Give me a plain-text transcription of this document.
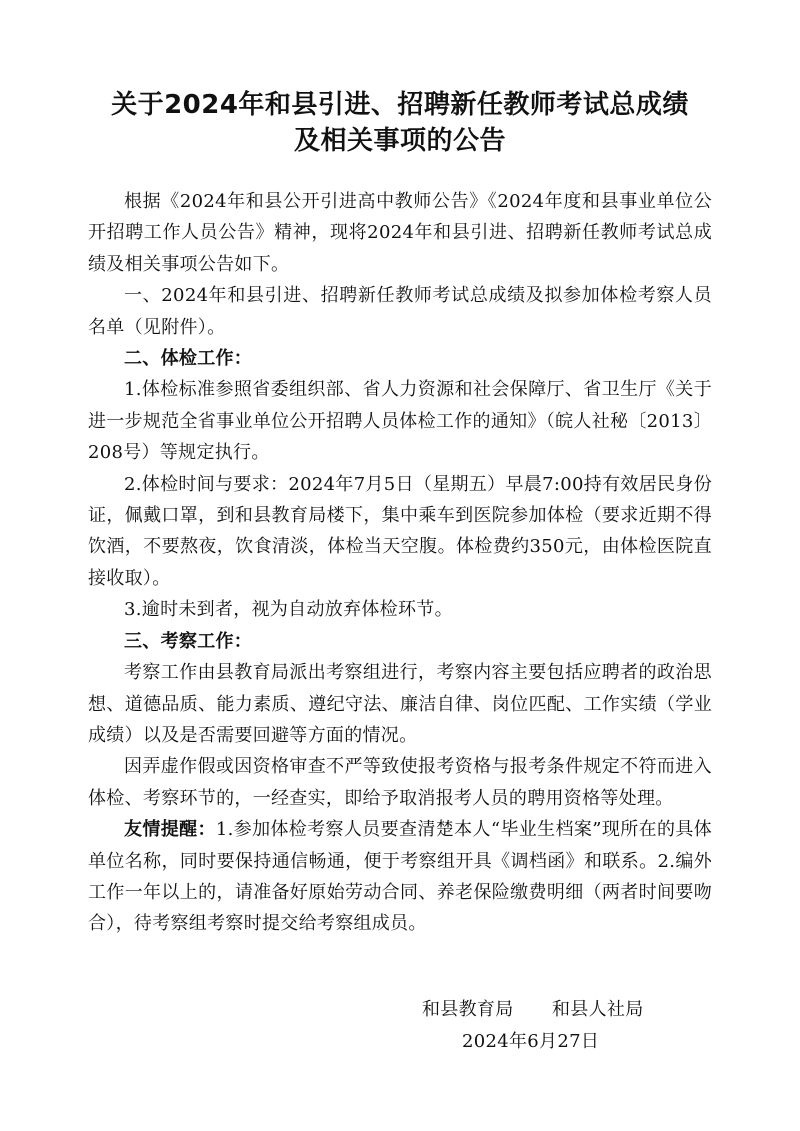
关于2024年和县引进、招聘新任教师考试总成绩
及相关事项的公告

根据《2024年和县公开引进高中教师公告》《2024年度和县事业单位公开招聘工作人员公告》精神，现将2024年和县引进、招聘新任教师考试总成绩及相关事项公告如下。

一、2024年和县引进、招聘新任教师考试总成绩及拟参加体检考察人员名单（见附件）。

二、体检工作：

1.体检标准参照省委组织部、省人力资源和社会保障厅、省卫生厅《关于进一步规范全省事业单位公开招聘人员体检工作的通知》（皖人社秘〔2013〕208号）等规定执行。

2.体检时间与要求：2024年7月5日（星期五）早晨7:00持有效居民身份证，佩戴口罩，到和县教育局楼下，集中乘车到医院参加体检（要求近期不得饮酒，不要熬夜，饮食清淡，体检当天空腹。体检费约350元，由体检医院直接收取）。

3.逾时未到者，视为自动放弃体检环节。

三、考察工作：

考察工作由县教育局派出考察组进行，考察内容主要包括应聘者的政治思想、道德品质、能力素质、遵纪守法、廉洁自律、岗位匹配、工作实绩（学业成绩）以及是否需要回避等方面的情况。

因弄虚作假或因资格审查不严等致使报考资格与报考条件规定不符而进入体检、考察环节的，一经查实，即给予取消报考人员的聘用资格等处理。

友情提醒：1.参加体检考察人员要查清楚本人“毕业生档案”现所在的具体单位名称，同时要保持通信畅通，便于考察组开具《调档函》和联系。2.编外工作一年以上的，请准备好原始劳动合同、养老保险缴费明细（两者时间要吻合），待考察组考察时提交给考察组成员。

和县教育局 和县人社局
2024年6月27日
